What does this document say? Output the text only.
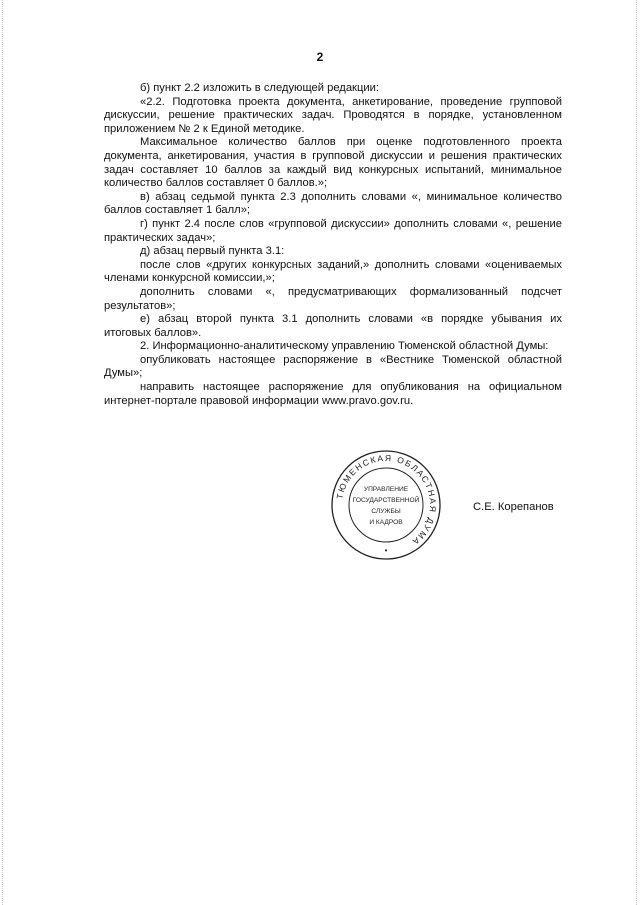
2

б) пункт 2.2 изложить в следующей редакции:

«2.2. Подготовка проекта документа, анкетирование, проведение групповой дискуссии, решение практических задач. Проводятся в порядке, установленном приложением № 2 к Единой методике.

Максимальное количество баллов при оценке подготовленного проекта документа, анкетирования, участия в групповой дискуссии и решения практических задач составляет 10 баллов за каждый вид конкурсных испытаний, минимальное количество баллов составляет 0 баллов.»;

в) абзац седьмой пункта 2.3 дополнить словами «, минимальное количество баллов составляет 1 балл»;

г) пункт 2.4 после слов «групповой дискуссии» дополнить словами «, решение практических задач»;

д) абзац первый пункта 3.1:

после слов «других конкурсных заданий,» дополнить словами «оцениваемых членами конкурсной комиссии,»;

дополнить словами «, предусматривающих формализованный подсчет результатов»;

е) абзац второй пункта 3.1 дополнить словами «в порядке убывания их итоговых баллов».

2. Информационно-аналитическому управлению Тюменской областной Думы:

опубликовать настоящее распоряжение в «Вестнике Тюменской областной Думы»;

направить настоящее распоряжение для опубликования на официальном интернет-портале правовой информации www.pravo.gov.ru.

ТЮМЕНСКАЯ ОБЛАСТНАЯ ДУМА
УПРАВЛЕНИЕ
ГОСУДАРСТВЕННОЙ
СЛУЖБЫ
И КАДРОВ
•
С.Е. Корепанов
